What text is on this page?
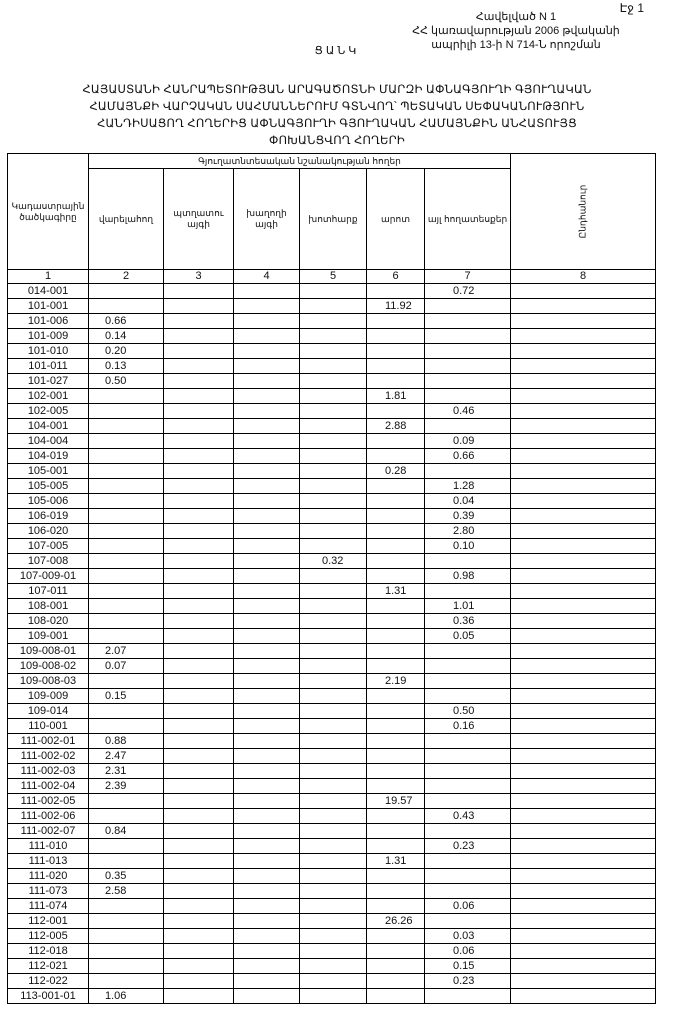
Էջ 1
Հավելված N 1
ՀՀ կառավարության 2006 թվականի
ապրիլի 13-ի N 714-Ն որոշման
ՑԱՆԿ
ՀԱՅԱՍՏԱՆԻ ՀԱՆՐԱՊԵՏՈՒԹՅԱՆ ԱՐԱԳԱԾՈՏՆԻ ՄԱՐԶԻ ԱՓՆԱԳՅՈՒՂԻ ԳՅՈՒՂԱԿԱՆ
ՀԱՄԱՅՆՔԻ ՎԱՐՉԱԿԱՆ ՍԱՀՄԱՆՆԵՐՈՒՄ ԳՏՆՎՈՂ՝ ՊԵՏԱԿԱՆ ՍԵՓԱԿԱՆՈՒԹՅՈՒՆ
ՀԱՆԴԻՍԱՑՈՂ ՀՈՂԵՐԻՑ ԱՓՆԱԳՅՈՒՂԻ ԳՅՈՒՂԱԿԱՆ ՀԱՄԱՅՆՔԻՆ ԱՆՀԱՏՈՒՅՑ
ՓՈԽԱՆՑՎՈՂ ՀՈՂԵՐԻ
Կադաստրային ծածկագիրը	Գյուղատնտեսական նշանակության հողեր						Ընդհանուր

	վարելահող	պտղատու այգի	խաղողի այգի	խոտհարք	արոտ	այլ հողատեսքեր	
1	2	3	4	5	6	7	8
014-001						0.72	
101-001					11.92		
101-006	0.66						
101-009	0.14						
101-010	0.20						
101-011	0.13						
101-027	0.50						
102-001					1.81		
102-005						0.46	
104-001					2.88		
104-004						0.09	
104-019						0.66	
105-001					0.28		
105-005						1.28	
105-006						0.04	
106-019						0.39	
106-020						2.80	
107-005						0.10	
107-008				0.32			
107-009-01						0.98	
107-011					1.31		
108-001						1.01	
108-020						0.36	
109-001						0.05	
109-008-01	2.07						
109-008-02	0.07						
109-008-03					2.19		
109-009	0.15						
109-014						0.50	
110-001						0.16	
111-002-01	0.88						
111-002-02	2.47						
111-002-03	2.31						
111-002-04	2.39						
111-002-05					19.57		
111-002-06						0.43	
111-002-07	0.84						
111-010						0.23	
111-013					1.31		
111-020	0.35						
111-073	2.58						
111-074						0.06	
112-001					26.26		
112-005						0.03	
112-018						0.06	
112-021						0.15	
112-022						0.23	
113-001-01	1.06						
